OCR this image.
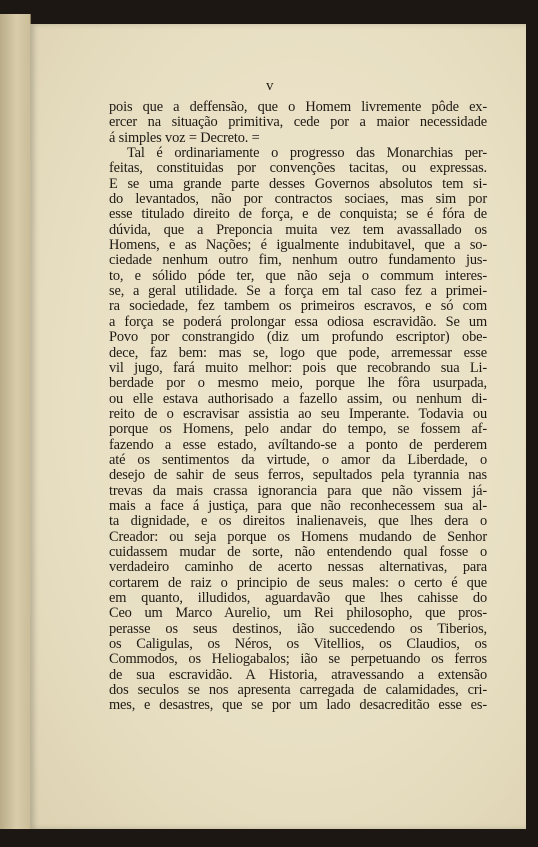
v
pois que a deffensão, que o Homem livremente pôde ex-
ercer na situação primitiva, cede por a maior necessidade
á simples voz = Decreto. =
Tal é ordinariamente o progresso das Monarchias per-
feitas, constituidas por convenções tacitas, ou expressas.
E se uma grande parte desses Governos absolutos tem si-
do levantados, não por contractos sociaes, mas sim por
esse titulado direito de força, e de conquista; se é fóra de
dúvida, que a Preponcia muita vez tem avassallado os
Homens, e as Nações; é igualmente indubitavel, que a so-
ciedade nenhum outro fim, nenhum outro fundamento jus-
to, e sólido póde ter, que não seja o commum interes-
se, a geral utilidade. Se a força em tal caso fez a primei-
ra sociedade, fez tambem os primeiros escravos, e só com
a força se poderá prolongar essa odiosa escravidão. Se um
Povo por constrangido (diz um profundo escriptor) obe-
dece, faz bem: mas se, logo que pode, arremessar esse
vil jugo, fará muito melhor: pois que recobrando sua Li-
berdade por o mesmo meio, porque lhe fôra usurpada,
ou elle estava authorisado a fazello assim, ou nenhum di-
reito de o escravisar assistia ao seu Imperante. Todavia ou
porque os Homens, pelo andar do tempo, se fossem af-
fazendo a esse estado, avíltando-se a ponto de perderem
até os sentimentos da virtude, o amor da Liberdade, o
desejo de sahir de seus ferros, sepultados pela tyrannia nas
trevas da mais crassa ignorancia para que não vissem já-
mais a face á justiça, para que não reconhecessem sua al-
ta dignidade, e os direitos inalienaveis, que lhes dera o
Creador: ou seja porque os Homens mudando de Senhor
cuidassem mudar de sorte, não entendendo qual fosse o
verdadeiro caminho de acerto nessas alternativas, para
cortarem de raiz o principio de seus males: o certo é que
em quanto, illudidos, aguardavão que lhes cahisse do
Ceo um Marco Aurelio, um Rei philosopho, que pros-
perasse os seus destinos, ião succedendo os Tiberios,
os Caligulas, os Néros, os Vitellios, os Claudios, os
Commodos, os Heliogabalos; ião se perpetuando os ferros
de sua escravidão. A Historia, atravessando a extensão
dos seculos se nos apresenta carregada de calamidades, cri-
mes, e desastres, que se por um lado desacreditão esse es-
